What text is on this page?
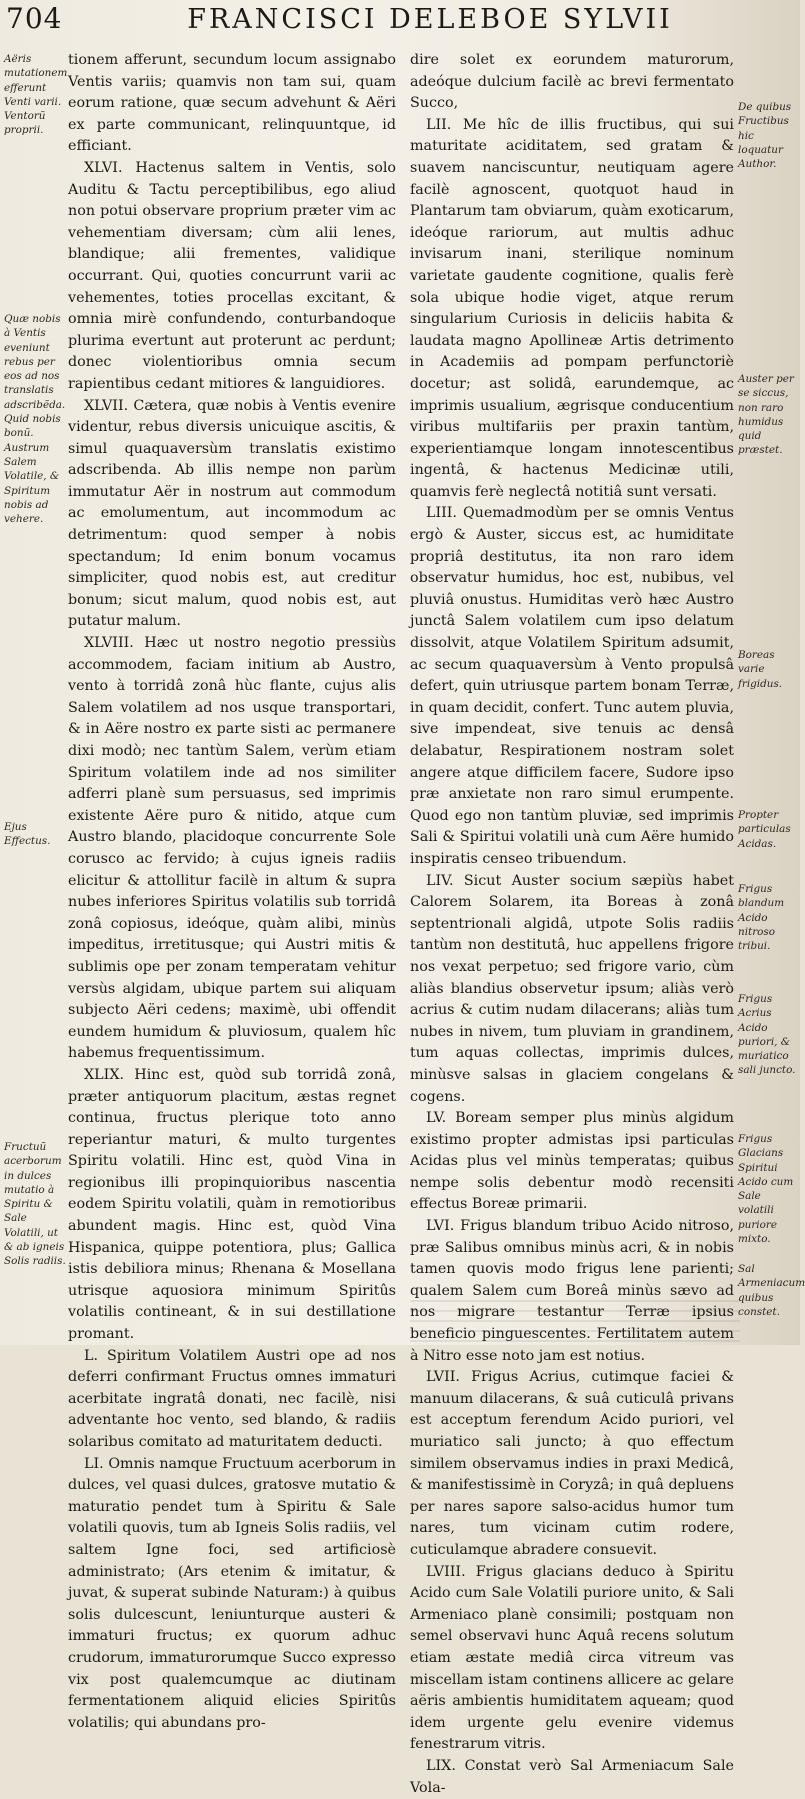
704	FRANCISCI DELEBOE SYLVII
Aëris mutationem efferunt Venti varii. Ventorũ proprii.
Quæ nobis à Ventis eveniunt rebus per eos ad nos translatis adscribẽda. Quid nobis bonũ. Austrum Salem Volatile, & Spiritum nobis ad vehere.
Ejus Effectus.
Fructuũ acerborum in dulces mutatio à Spiritu & Sale Volatili, ut & ab igneis Solis radiis.

tionem afferunt, secundum locum assignabo Ventis variis; quamvis non tam sui, quam eorum ratione, quæ secum advehunt & Aëri ex parte communicant, relinquuntque, id efficiant.

XLVI. Hactenus saltem in Ventis, solo Auditu & Tactu perceptibilibus, ego aliud non potui observare proprium præter vim ac vehementiam diversam; cùm alii lenes, blandique; alii frementes, validique occurrant. Qui, quoties concurrunt varii ac vehementes, toties procellas excitant, & omnia mirè confundendo, conturbandoque plurima evertunt aut proterunt ac perdunt; donec violentioribus omnia secum rapientibus cedant mitiores & languidiores.

XLVII. Cætera, quæ nobis à Ventis evenire videntur, rebus diversis unicuique ascitis, & simul quaquaversùm translatis existimo adscribenda. Ab illis nempe non parùm immutatur Aër in nostrum aut commodum ac emolumentum, aut incommodum ac detrimentum: quod semper à nobis spectandum; Id enim bonum vocamus simpliciter, quod nobis est, aut creditur bonum; sicut malum, quod nobis est, aut putatur malum.

XLVIII. Hæc ut nostro negotio pressiùs accommodem, faciam initium ab Austro, vento à torridâ zonâ hùc flante, cujus alis Salem volatilem ad nos usque transportari, & in Aëre nostro ex parte sisti ac permanere dixi modò; nec tantùm Salem, verùm etiam Spiritum volatilem inde ad nos similiter adferri planè sum persuasus, sed imprimis existente Aëre puro & nitido, atque cum Austro blando, placidoque concurrente Sole corusco ac fervido; à cujus igneis radiis elicitur & attollitur facilè in altum & supra nubes inferiores Spiritus volatilis sub torridâ zonâ copiosus, ideóque, quàm alibi, minùs impeditus, irretitusque; qui Austri mitis & sublimis ope per zonam temperatam vehitur versùs algidam, ubique partem sui aliquam subjecto Aëri cedens; maximè, ubi offendit eundem humidum & pluviosum, qualem hîc habemus frequentissimum.

XLIX. Hinc est, quòd sub torridâ zonâ, præter antiquorum placitum, æstas regnet continua, fructus plerique toto anno reperiantur maturi, & multo turgentes Spiritu volatili. Hinc est, quòd Vina in regionibus illi propinquioribus nascentia eodem Spiritu volatili, quàm in remotioribus abundent magis. Hinc est, quòd Vina Hispanica, quippe potentiora, plus; Gallica istis debiliora minus; Rhenana & Mosellana utrisque aquosiora minimum Spiritûs volatilis contineant, & in sui destillatione promant.

L. Spiritum Volatilem Austri ope ad nos deferri confirmant Fructus omnes immaturi acerbitate ingratâ donati, nec facilè, nisi adventante hoc vento, sed blando, & radiis solaribus comitato ad maturitatem deducti.

LI. Omnis namque Fructuum acerborum in dulces, vel quasi dulces, gratosve mutatio & maturatio pendet tum à Spiritu & Sale volatili quovis, tum ab Igneis Solis radiis, vel saltem Igne foci, sed artificiosè administrato; (Ars etenim & imitatur, & juvat, & superat subinde Naturam:) à quibus solis dulcescunt, leniunturque austeri & immaturi fructus; ex quorum adhuc crudorum, immaturorumque Succo expresso vix post qualemcumque ac diutinam fermentationem aliquid elicies Spiritûs volatilis; qui abundans pro-

dire solet ex eorundem maturorum, adeóque dulcium facilè ac brevi fermentato Succo,

LII. Me hîc de illis fructibus, qui sui maturitate aciditatem, sed gratam & suavem nanciscuntur, neutiquam agere facilè agnoscent, quotquot haud in Plantarum tam obviarum, quàm exoticarum, ideóque rariorum, aut multis adhuc invisarum inani, sterilique nominum varietate gaudente cognitione, qualis ferè sola ubique hodie viget, atque rerum singularium Curiosis in deliciis habita & laudata magno Apollineæ Artis detrimento in Academiis ad pompam perfunctoriè docetur; ast solidâ, earundemque, ac imprimis usualium, ægrisque conducentium viribus multifariis per praxin tantùm, experientiamque longam innotescentibus ingentâ, & hactenus Medicinæ utili, quamvis ferè neglectâ notitiâ sunt versati.

LIII. Quemadmodùm per se omnis Ventus ergò & Auster, siccus est, ac humiditate propriâ destitutus, ita non raro idem observatur humidus, hoc est, nubibus, vel pluviâ onustus. Humiditas verò hæc Austro junctâ Salem volatilem cum ipso delatum dissolvit, atque Volatilem Spiritum adsumit, ac secum quaquaversùm à Vento propulsâ defert, quin utriusque partem bonam Terræ, in quam decidit, confert. Tunc autem pluvia, sive impendeat, sive tenuis ac densâ delabatur, Respirationem nostram solet angere atque difficilem facere, Sudore ipso præ anxietate non raro simul erumpente. Quod ego non tantùm pluviæ, sed imprimis Sali & Spiritui volatili unà cum Aëre humido inspiratis censeo tribuendum.

LIV. Sicut Auster socium sæpiùs habet Calorem Solarem, ita Boreas à zonâ septentrionali algidâ, utpote Solis radiis tantùm non destitutâ, huc appellens frigore nos vexat perpetuo; sed frigore vario, cùm aliàs blandius observetur ipsum; aliàs verò acrius & cutim nudam dilacerans; aliàs tum nubes in nivem, tum pluviam in grandinem, tum aquas collectas, imprimis dulces, minùsve salsas in glaciem congelans & cogens.

LV. Boream semper plus minùs algidum existimo propter admistas ipsi particulas Acidas plus vel minùs temperatas; quibus nempe solis debentur modò recensiti effectus Boreæ primarii.

LVI. Frigus blandum tribuo Acido nitroso, præ Salibus omnibus minùs acri, & in nobis tamen quovis modo frigus lene parienti; qualem Salem cum Boreâ minùs sævo ad nos migrare testantur Terræ ipsius beneficio pinguescentes. Fertilitatem autem à Nitro esse noto jam est notius.

LVII. Frigus Acrius, cutimque faciei & manuum dilacerans, & suâ cuticulâ privans est acceptum ferendum Acido puriori, vel muriatico sali juncto; à quo effectum similem observamus indies in praxi Medicâ, & manifestissimè in Coryzâ; in quâ depluens per nares sapore salso-acidus humor tum nares, tum vicinam cutim rodere, cuticulamque abradere consuevit.

LVIII. Frigus glacians deduco à Spiritu Acido cum Sale Volatili puriore unito, & Sali Armeniaco planè consimili; postquam non semel observavi hunc Aquâ recens solutum etiam æstate mediâ circa vitreum vas miscellam istam continens allicere ac gelare aëris ambientis humiditatem aqueam; quod idem urgente gelu evenire videmus fenestrarum vitris.

LIX. Constat verò Sal Armeniacum Sale Vola-

De quibus Fructibus hic loquatur Author.
Auster per se siccus, non raro humidus quid præstet.
Boreas varie frigidus.
Propter particulas Acidas.
Frigus blandum Acido nitroso tribui.
Frigus Acrius Acido puriori, & muriatico sali juncto.
Frigus Glacians Spiritui Acido cum Sale volatili puriore mixto.
Sal Armeniacum quibus constet.
